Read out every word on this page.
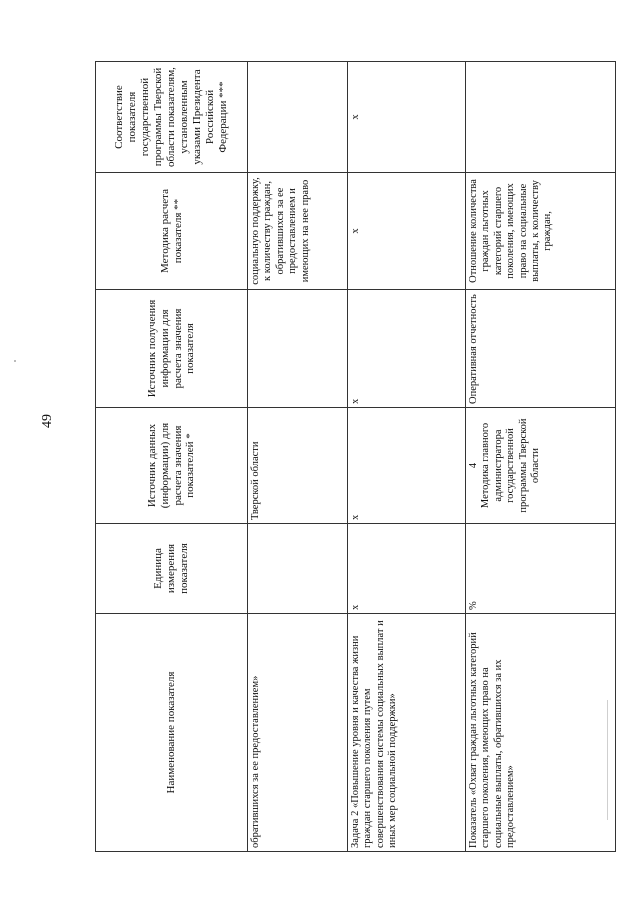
49
Наименование показателя	Единица измерения показателя	Источник данных (информации) для расчета значения показателей *	Источник получения информации для расчета значения показателя	Методика расчета показателя **	Соответствие показателя государственной программы Тверской области показателям, установленным указами Президента Российской Федерации ***
обратившихся за ее предоставлением»		Тверской области		социальную поддержку, к количеству граждан, обратившихся за ее предоставлением и имеющих на нее право	
Задача 2 «Повышение уровня и качества жизни граждан старшего поколения путем совершенствования системы социальных выплат и иных мер социальной поддержки»	х	х	х	х	х
Показатель «Охват граждан льготных категорий старшего поколения, имеющих право на социальные выплаты, обратившихся за их предоставлением»	%	4 Методика главного администратора государственной программы Тверской области	Оперативная отчетность	Отношение количества граждан льготных категорий старшего поколения, имеющих право на социальные выплаты, к количеству граждан,	
